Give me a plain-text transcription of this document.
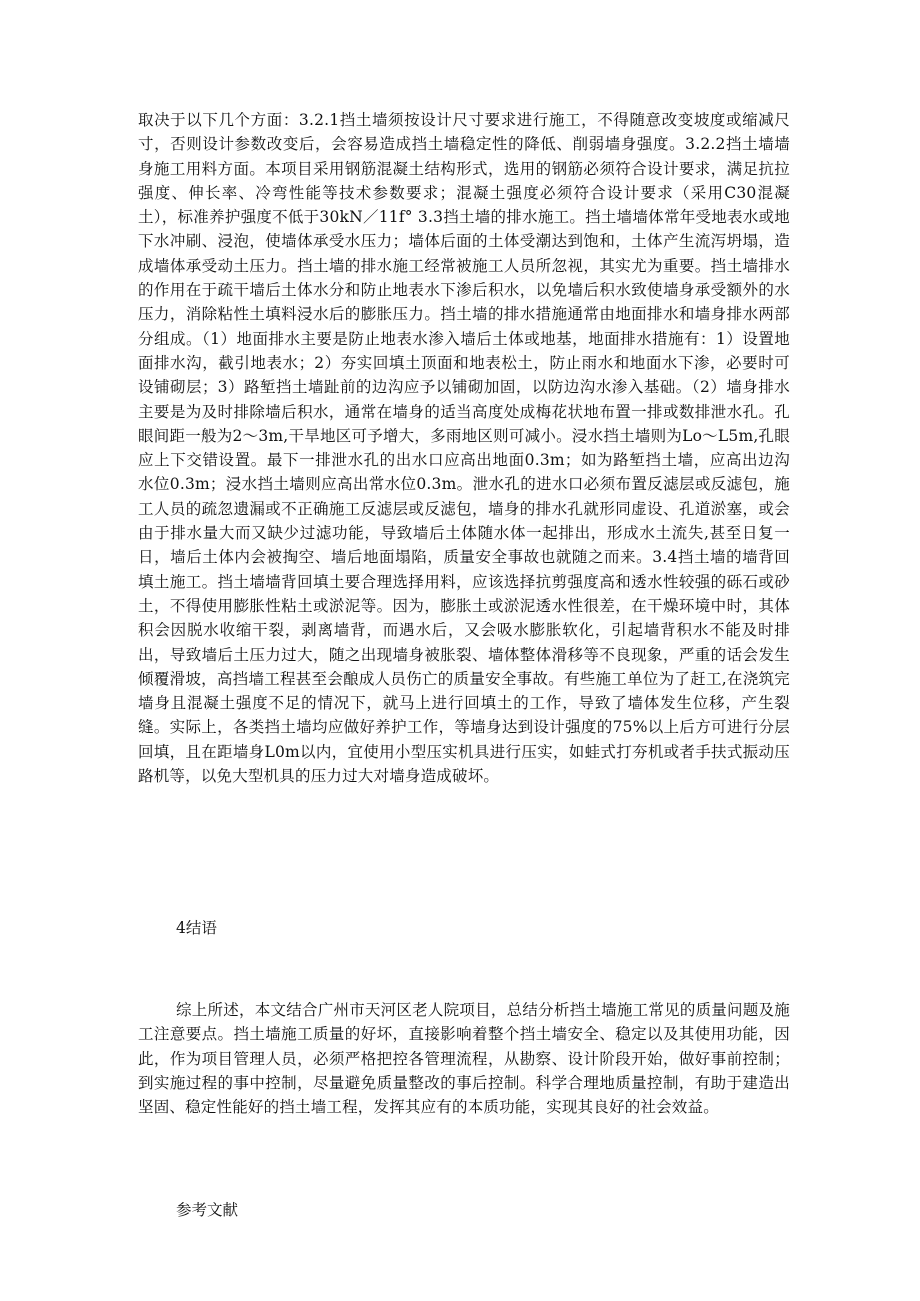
取决于以下几个方面：3.2.1挡土墙须按设计尺寸要求进行施工，不得随意改变坡度或缩减尺寸，否则设计参数改变后，会容易造成挡土墙稳定性的降低、削弱墙身强度。3.2.2挡土墙墙身施工用料方面。本项目采用钢筋混凝土结构形式，选用的钢筋必须符合设计要求，满足抗拉强度、伸长率、冷弯性能等技术参数要求；混凝土强度必须符合设计要求（采用C30混凝土），标准养护强度不低于30kN／11f° 3.3挡土墙的排水施工。挡土墙墙体常年受地表水或地下水冲刷、浸泡，使墙体承受水压力；墙体后面的土体受潮达到饱和，土体产生流泻坍塌，造成墙体承受动土压力。挡土墙的排水施工经常被施工人员所忽视，其实尤为重要。挡土墙排水的作用在于疏干墙后土体水分和防止地表水下渗后积水，以免墙后积水致使墙身承受额外的水压力，消除粘性土填料浸水后的膨胀压力。挡土墙的排水措施通常由地面排水和墙身排水两部分组成。（1）地面排水主要是防止地表水渗入墙后土体或地基，地面排水措施有：1）设置地面排水沟，截引地表水；2）夯实回填土顶面和地表松土，防止雨水和地面水下渗，必要时可设铺砌层；3）路堑挡土墙趾前的边沟应予以铺砌加固，以防边沟水渗入基础。（2）墙身排水主要是为及时排除墙后积水，通常在墙身的适当高度处成梅花状地布置一排或数排泄水孔。孔眼间距一般为2～3m,干旱地区可予增大，多雨地区则可减小。浸水挡土墙则为Lo～L5m,孔眼应上下交错设置。最下一排泄水孔的出水口应高出地面0.3m；如为路堑挡土墙，应高出边沟水位0.3m；浸水挡土墙则应高出常水位0.3m。泄水孔的进水口必须布置反滤层或反滤包，施工人员的疏忽遗漏或不正确施工反滤层或反滤包，墙身的排水孔就形同虚设、孔道淤塞，或会由于排水量大而又缺少过滤功能，导致墙后土体随水体一起排出，形成水土流失,甚至日复一日，墙后土体内会被掏空、墙后地面塌陷，质量安全事故也就随之而来。3.4挡土墙的墙背回填土施工。挡土墙墙背回填土要合理选择用料，应该选择抗剪强度高和透水性较强的砾石或砂土，不得使用膨胀性粘土或淤泥等。因为，膨胀土或淤泥透水性很差，在干燥环境中时，其体积会因脱水收缩干裂，剥离墙背，而遇水后，又会吸水膨胀软化，引起墙背积水不能及时排出，导致墙后土压力过大，随之出现墙身被胀裂、墙体整体滑移等不良现象，严重的话会发生倾覆滑坡，高挡墙工程甚至会酿成人员伤亡的质量安全事故。有些施工单位为了赶工,在浇筑完墙身且混凝土强度不足的情况下，就马上进行回填土的工作，导致了墙体发生位移，产生裂缝。实际上，各类挡土墙均应做好养护工作，等墙身达到设计强度的75%以上后方可进行分层回填，且在距墙身L0m以内，宜使用小型压实机具进行压实，如蛙式打夯机或者手扶式振动压路机等，以免大型机具的压力过大对墙身造成破坏。

4结语

综上所述，本文结合广州市天河区老人院项目，总结分析挡土墙施工常见的质量问题及施工注意要点。挡土墙施工质量的好坏，直接影响着整个挡土墙安全、稳定以及其使用功能，因此，作为项目管理人员，必须严格把控各管理流程，从勘察、设计阶段开始，做好事前控制；到实施过程的事中控制，尽量避免质量整改的事后控制。科学合理地质量控制，有助于建造出坚固、稳定性能好的挡土墙工程，发挥其应有的本质功能，实现其良好的社会效益。

参考文献
